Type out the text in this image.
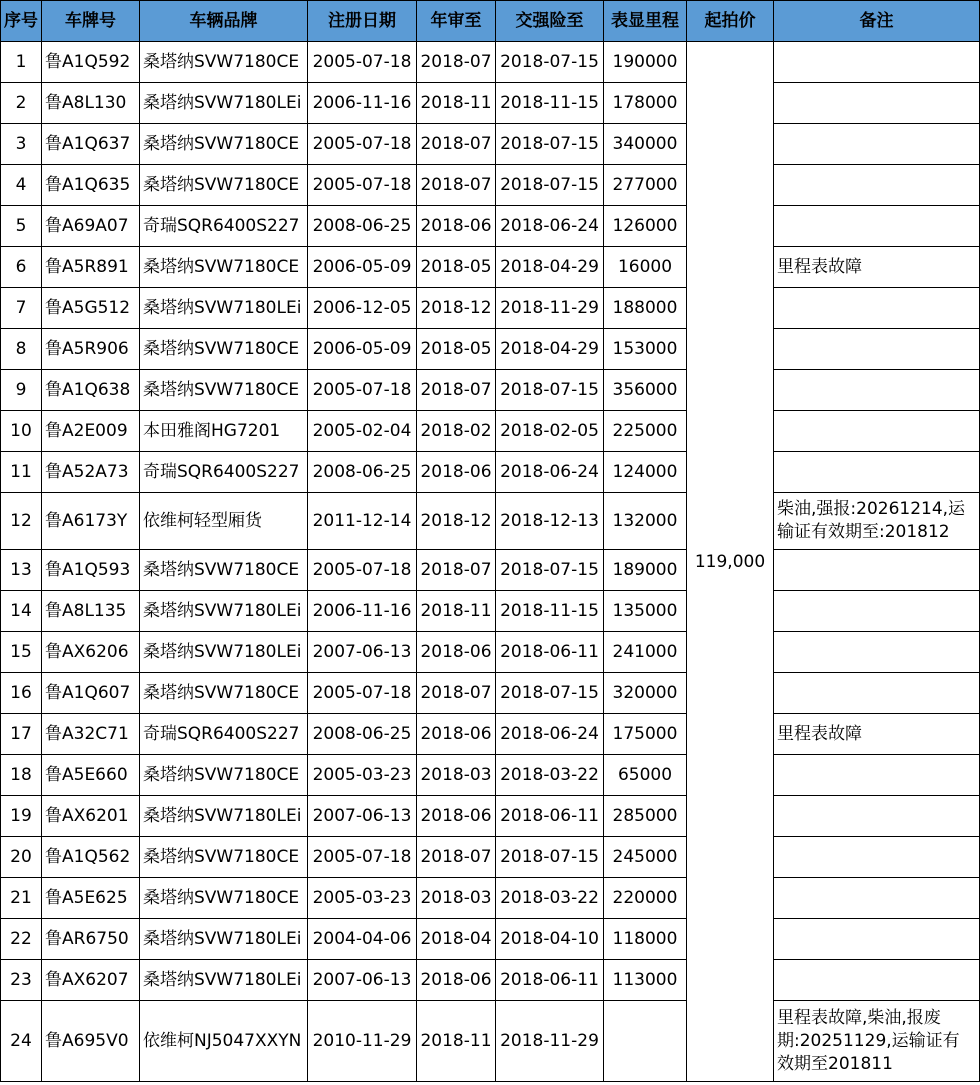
序号	车牌号	车辆品牌	注册日期	年审至	交强险至	表显里程	起拍价	备注
1	鲁A1Q592	桑塔纳SVW7180CE	2005-07-18	2018-07	2018-07-15	190000	119,000	
2	鲁A8L130	桑塔纳SVW7180LEi	2006-11-16	2018-11	2018-11-15	178000		
3	鲁A1Q637	桑塔纳SVW7180CE	2005-07-18	2018-07	2018-07-15	340000		
4	鲁A1Q635	桑塔纳SVW7180CE	2005-07-18	2018-07	2018-07-15	277000		
5	鲁A69A07	奇瑞SQR6400S227	2008-06-25	2018-06	2018-06-24	126000		
6	鲁A5R891	桑塔纳SVW7180CE	2006-05-09	2018-05	2018-04-29	16000		里程表故障
7	鲁A5G512	桑塔纳SVW7180LEi	2006-12-05	2018-12	2018-11-29	188000		
8	鲁A5R906	桑塔纳SVW7180CE	2006-05-09	2018-05	2018-04-29	153000		
9	鲁A1Q638	桑塔纳SVW7180CE	2005-07-18	2018-07	2018-07-15	356000		
10	鲁A2E009	本田雅阁HG7201	2005-02-04	2018-02	2018-02-05	225000		
11	鲁A52A73	奇瑞SQR6400S227	2008-06-25	2018-06	2018-06-24	124000		
12	鲁A6173Y	依维柯轻型厢货	2011-12-14	2018-12	2018-12-13	132000		柴油,强报:20261214,运输证有效期至:201812
13	鲁A1Q593	桑塔纳SVW7180CE	2005-07-18	2018-07	2018-07-15	189000		
14	鲁A8L135	桑塔纳SVW7180LEi	2006-11-16	2018-11	2018-11-15	135000		
15	鲁AX6206	桑塔纳SVW7180LEi	2007-06-13	2018-06	2018-06-11	241000		
16	鲁A1Q607	桑塔纳SVW7180CE	2005-07-18	2018-07	2018-07-15	320000		
17	鲁A32C71	奇瑞SQR6400S227	2008-06-25	2018-06	2018-06-24	175000		里程表故障
18	鲁A5E660	桑塔纳SVW7180CE	2005-03-23	2018-03	2018-03-22	65000		
19	鲁AX6201	桑塔纳SVW7180LEi	2007-06-13	2018-06	2018-06-11	285000		
20	鲁A1Q562	桑塔纳SVW7180CE	2005-07-18	2018-07	2018-07-15	245000		
21	鲁A5E625	桑塔纳SVW7180CE	2005-03-23	2018-03	2018-03-22	220000		
22	鲁AR6750	桑塔纳SVW7180LEi	2004-04-06	2018-04	2018-04-10	118000		
23	鲁AX6207	桑塔纳SVW7180LEi	2007-06-13	2018-06	2018-06-11	113000		
24	鲁A695V0	依维柯NJ5047XXYN	2010-11-29	2018-11	2018-11-29			里程表故障,柴油,报废期:20251129,运输证有效期至201811
